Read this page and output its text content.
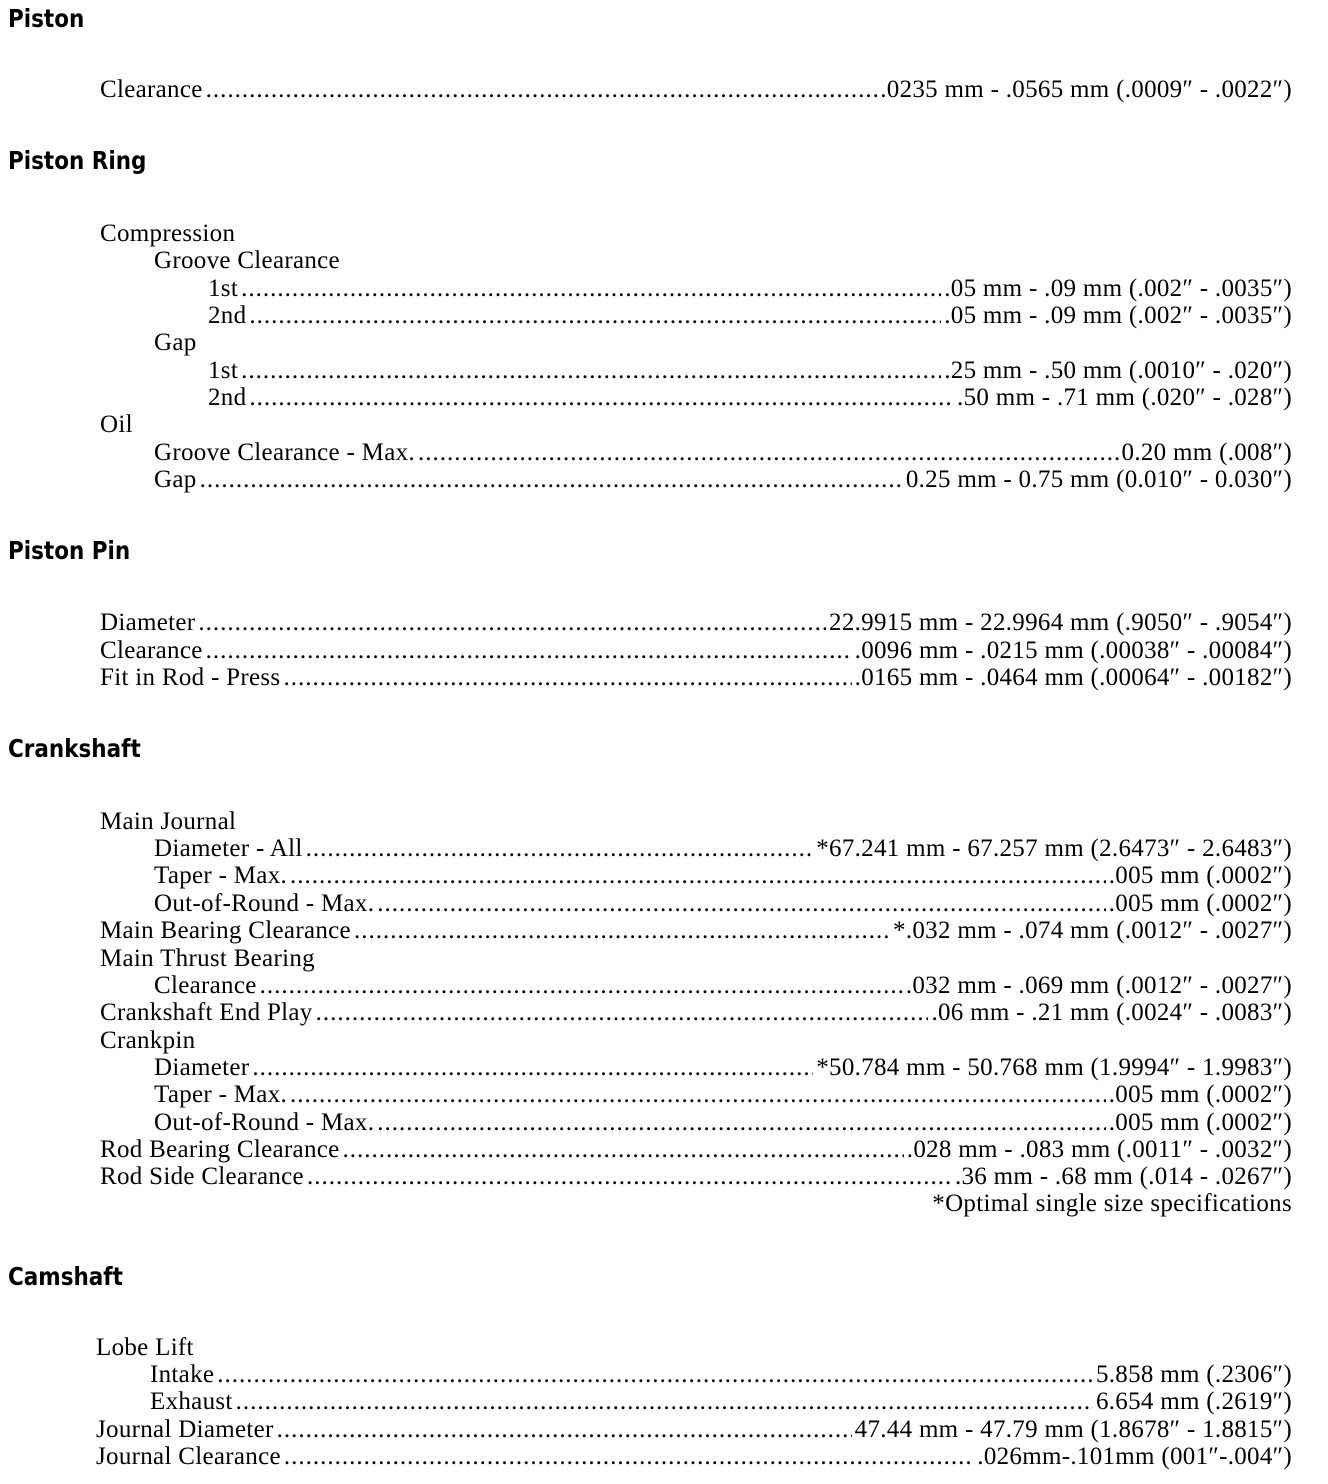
Piston
Clearance .....	.0235 mm - .0565 mm (.0009″ - .0022″)
Piston Ring
Compression
Groove Clearance
1st .....	.05 mm - .09 mm (.002″ - .0035″)
2nd .....	.05 mm - .09 mm (.002″ - .0035″)
Gap
1st .....	.25 mm - .50 mm (.0010″ - .020″)
2nd .....	.50 mm - .71 mm (.020″ - .028″)
Oil
Groove Clearance - Max. .....	0.20 mm (.008″)
Gap .....	0.25 mm - 0.75 mm (0.010″ - 0.030″)
Piston Pin
Diameter .....	22.9915 mm - 22.9964 mm (.9050″ - .9054″)
Clearance .....	.0096 mm - .0215 mm (.00038″ - .00084″)
Fit in Rod - Press .....	.0165 mm - .0464 mm (.00064″ - .00182″)
Crankshaft
Main Journal
Diameter - All .....	*67.241 mm - 67.257 mm (2.6473″ - 2.6483″)
Taper - Max. .....	.005 mm (.0002″)
Out-of-Round - Max. .....	.005 mm (.0002″)
Main Bearing Clearance .....	*.032 mm - .074 mm (.0012″ - .0027″)
Main Thrust Bearing
Clearance .....	.032 mm - .069 mm (.0012″ - .0027″)
Crankshaft End Play .....	.06 mm - .21 mm (.0024″ - .0083″)
Crankpin
Diameter .....	*50.784 mm - 50.768 mm (1.9994″ - 1.9983″)
Taper - Max. .....	.005 mm (.0002″)
Out-of-Round - Max. .....	.005 mm (.0002″)
Rod Bearing Clearance .....	.028 mm - .083 mm (.0011″ - .0032″)
Rod Side Clearance .....	.36 mm - .68 mm (.014 - .0267″)
*Optimal single size specifications
Camshaft
Lobe Lift
Intake .....	5.858 mm (.2306″)
Exhaust .....	6.654 mm (.2619″)
Journal Diameter .....	47.44 mm - 47.79 mm (1.8678″ - 1.8815″)
Journal Clearance .....	.026mm-.101mm (001″-.004″)
